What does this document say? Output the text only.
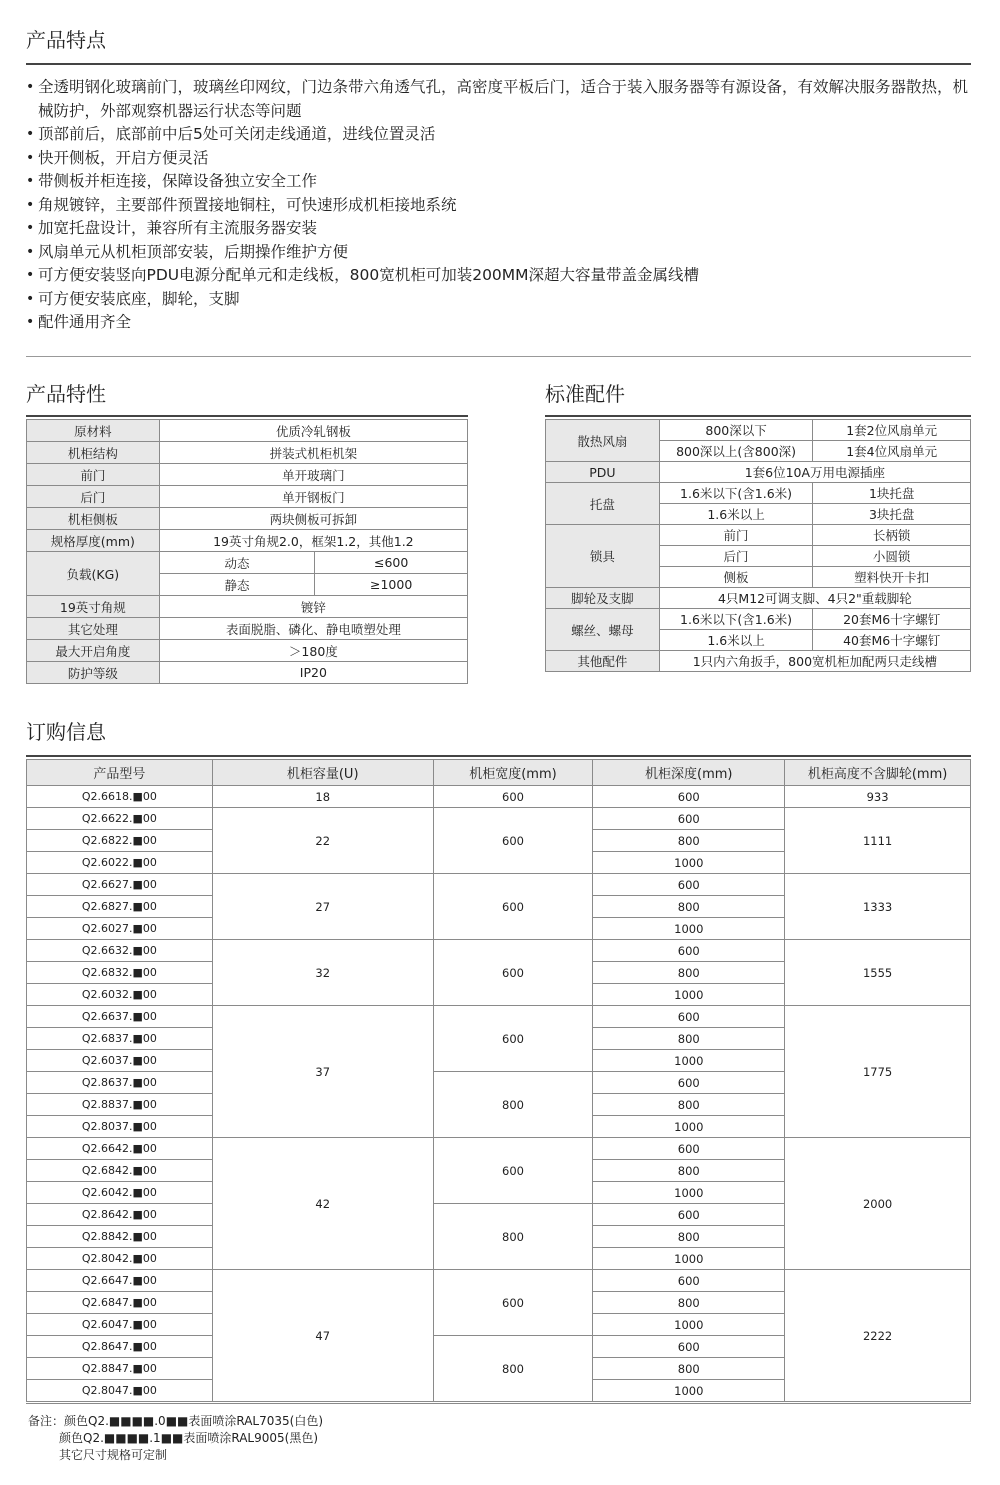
产品特点
• 全透明钢化玻璃前门，玻璃丝印网纹，门边条带六角透气孔，高密度平板后门，适合于装入服务器等有源设备，有效解决服务器散热，机械防护，外部观察机器运行状态等问题
• 顶部前后，底部前中后5处可关闭走线通道，进线位置灵活
• 快开侧板，开启方便灵活
• 带侧板并柜连接，保障设备独立安全工作
• 角规镀锌，主要部件预置接地铜柱，可快速形成机柜接地系统
• 加宽托盘设计，兼容所有主流服务器安装
• 风扇单元从机柜顶部安装，后期操作维护方便
• 可方便安装竖向PDU电源分配单元和走线板，800宽机柜可加装200MM深超大容量带盖金属线槽
• 可方便安装底座，脚轮，支脚
• 配件通用齐全
产品特性
原材料	优质冷轧钢板	
机柜结构	拼装式机柜机架	
前门	单开玻璃门	
后门	单开钢板门	
机柜侧板	两块侧板可拆卸	
规格厚度(mm)	19英寸角规2.0，框架1.2，其他1.2	
负载(KG)	动态	≤600
	静态	≥1000
19英寸角规	镀锌	
其它处理	表面脱脂、磷化、静电喷塑处理	
最大开启角度	＞180度	
防护等级	IP20	
标准配件
散热风扇	800深以下	1套2位风扇单元
	800深以上(含800深)	1套4位风扇单元
PDU	1套6位10A万用电源插座	
托盘	1.6米以下(含1.6米)	1块托盘
	1.6米以上	3块托盘
锁具	前门	长柄锁
	后门	小圆锁
	侧板	塑料快开卡扣
脚轮及支脚	4只M12可调支脚、4只2"重载脚轮	
螺丝、螺母	1.6米以下(含1.6米)	20套M6十字螺钉
	1.6米以上	40套M6十字螺钉
其他配件	1只内六角扳手，800宽机柜加配两只走线槽	
订购信息
产品型号	机柜容量(U)	机柜宽度(mm)	机柜深度(mm)	机柜高度不含脚轮(mm)
Q2.6618.■00	18	600	600	933
Q2.6622.■00	22	600	600	1111
Q2.6822.■00			800	
Q2.6022.■00			1000	
Q2.6627.■00	27	600	600	1333
Q2.6827.■00			800	
Q2.6027.■00			1000	
Q2.6632.■00	32	600	600	1555
Q2.6832.■00			800	
Q2.6032.■00			1000	
Q2.6637.■00	37	600	600	1775
Q2.6837.■00			800	
Q2.6037.■00			1000	
Q2.8637.■00		800	600	
Q2.8837.■00			800	
Q2.8037.■00			1000	
Q2.6642.■00	42	600	600	2000
Q2.6842.■00			800	
Q2.6042.■00			1000	
Q2.8642.■00		800	600	
Q2.8842.■00			800	
Q2.8042.■00			1000	
Q2.6647.■00	47	600	600	2222
Q2.6847.■00			800	
Q2.6047.■00			1000	
Q2.8647.■00		800	600	
Q2.8847.■00			800	
Q2.8047.■00			1000	
备注：颜色Q2.■■■■.0■■表面喷涂RAL7035(白色)
颜色Q2.■■■■.1■■表面喷涂RAL9005(黑色)
其它尺寸规格可定制
